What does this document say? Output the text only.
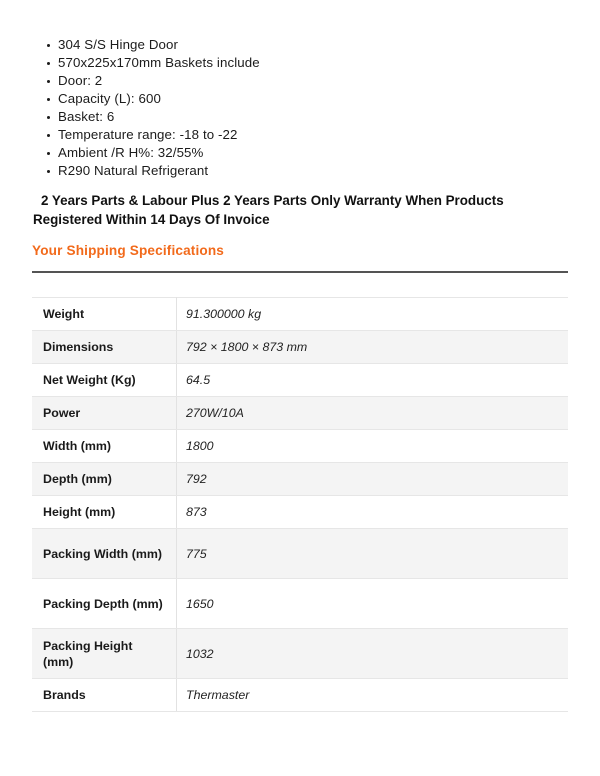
304 S/S Hinge Door
570x225x170mm Baskets include
Door: 2
Capacity (L): 600
Basket: 6
Temperature range: -18 to -22
Ambient /R H%: 32/55%
R290 Natural Refrigerant
2 Years Parts & Labour Plus 2 Years Parts Only Warranty When Products Registered Within 14 Days Of Invoice
Your Shipping Specifications
Weight	91.300000 kg
Dimensions	792 × 1800 × 873 mm
Net Weight (Kg)	64.5
Power	270W/10A
Width (mm)	1800
Depth (mm)	792
Height (mm)	873
Packing Width (mm)	775
Packing Depth (mm)	1650
Packing Height (mm)	1032
Brands	Thermaster
